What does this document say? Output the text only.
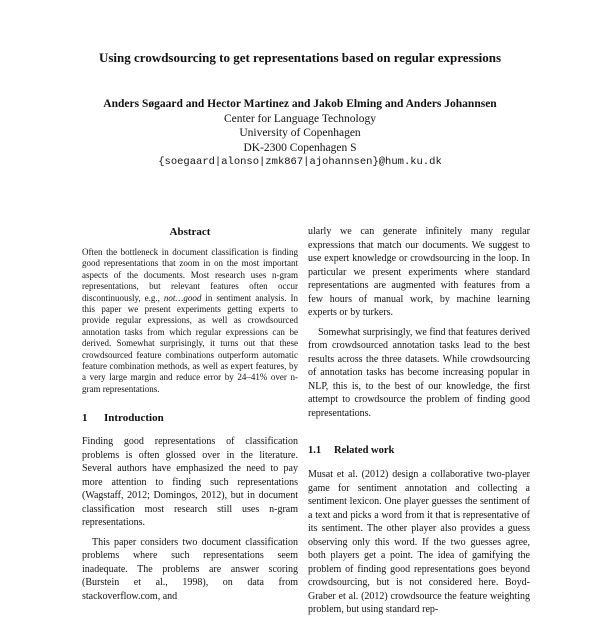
Using crowdsourcing to get representations based on regular expressions
Anders Søgaard and Hector Martinez and Jakob Elming and Anders Johannsen
Center for Language Technology
University of Copenhagen
DK-2300 Copenhagen S
{soegaard|alonso|zmk867|ajohannsen}@hum.ku.dk
Abstract

Often the bottleneck in document classification is finding good representations that zoom in on the most important aspects of the documents. Most research uses n-gram representations, but relevant features often occur discontinuously, e.g., not…good in sentiment analysis. In this paper we present experiments getting experts to provide regular expressions, as well as crowdsourced annotation tasks from which regular expressions can be derived. Somewhat surprisingly, it turns out that these crowdsourced feature combinations outperform automatic feature combination methods, as well as expert features, by a very large margin and reduce error by 24–41% over n-gram representations.

1 Introduction

Finding good representations of classification problems is often glossed over in the literature. Several authors have emphasized the need to pay more attention to finding such representations (Wagstaff, 2012; Domingos, 2012), but in document classification most research still uses n-gram representations.

This paper considers two document classification problems where such representations seem inadequate. The problems are answer scoring (Burstein et al., 1998), on data from stackoverflow.com, and

ularly we can generate infinitely many regular expressions that match our documents. We suggest to use expert knowledge or crowdsourcing in the loop. In particular we present experiments where standard representations are augmented with features from a few hours of manual work, by machine learning experts or by turkers.

Somewhat surprisingly, we find that features derived from crowdsourced annotation tasks lead to the best results across the three datasets. While crowdsourcing of annotation tasks has become increasing popular in NLP, this is, to the best of our knowledge, the first attempt to crowdsource the problem of finding good representations.

1.1 Related work

Musat et al. (2012) design a collaborative two-player game for sentiment annotation and collecting a sentiment lexicon. One player guesses the sentiment of a text and picks a word from it that is representative of its sentiment. The other player also provides a guess observing only this word. If the two guesses agree, both players get a point. The idea of gamifying the problem of finding good representations goes beyond crowdsourcing, but is not considered here. Boyd-Graber et al. (2012) crowdsource the feature weighting problem, but using standard rep-
